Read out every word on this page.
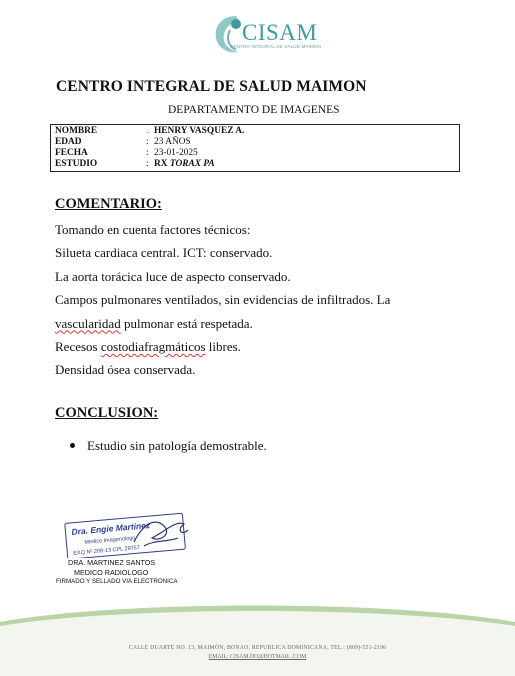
CISAM
CENTRO INTEGRAL DE SALUD MAIMON
CENTRO INTEGRAL DE SALUD MAIMON
DEPARTAMENTO DE IMAGENES
NOMBRE	.: HENRY VASQUEZ A.
EDAD	: 23 AÑOS
FECHA	: 23-01-2025
ESTUDIO	: RX TORAX PA
COMENTARIO:
Tomando en cuenta factores técnicos:
Silueta cardiaca central. ICT: conservado.
La aorta torácica luce de aspecto conservado.
Campos pulmonares ventilados, sin evidencias de infiltrados. La
vascularidad pulmonar está respetada.
Recesos costodiafragmáticos libres.
Densidad ósea conservada.
CONCLUSION:
Estudio sin patología demostrable.
Dra. Engie Martinez
Medico Imagenologo
EXQ Nº 208-13 CPL 29757
DRA. MARTINEZ SANTOS
MEDICO RADIOLOGO
FIRMADO Y SELLADO VIA ELECTRONICA
CALLE DUARTE NO. 13, MAIMÓN, BONAO, REPUBLICA DOMINICANA, TEL.: (809)-551-2196
EMAIL: CISAM.DO@HOTMAIL .COM
